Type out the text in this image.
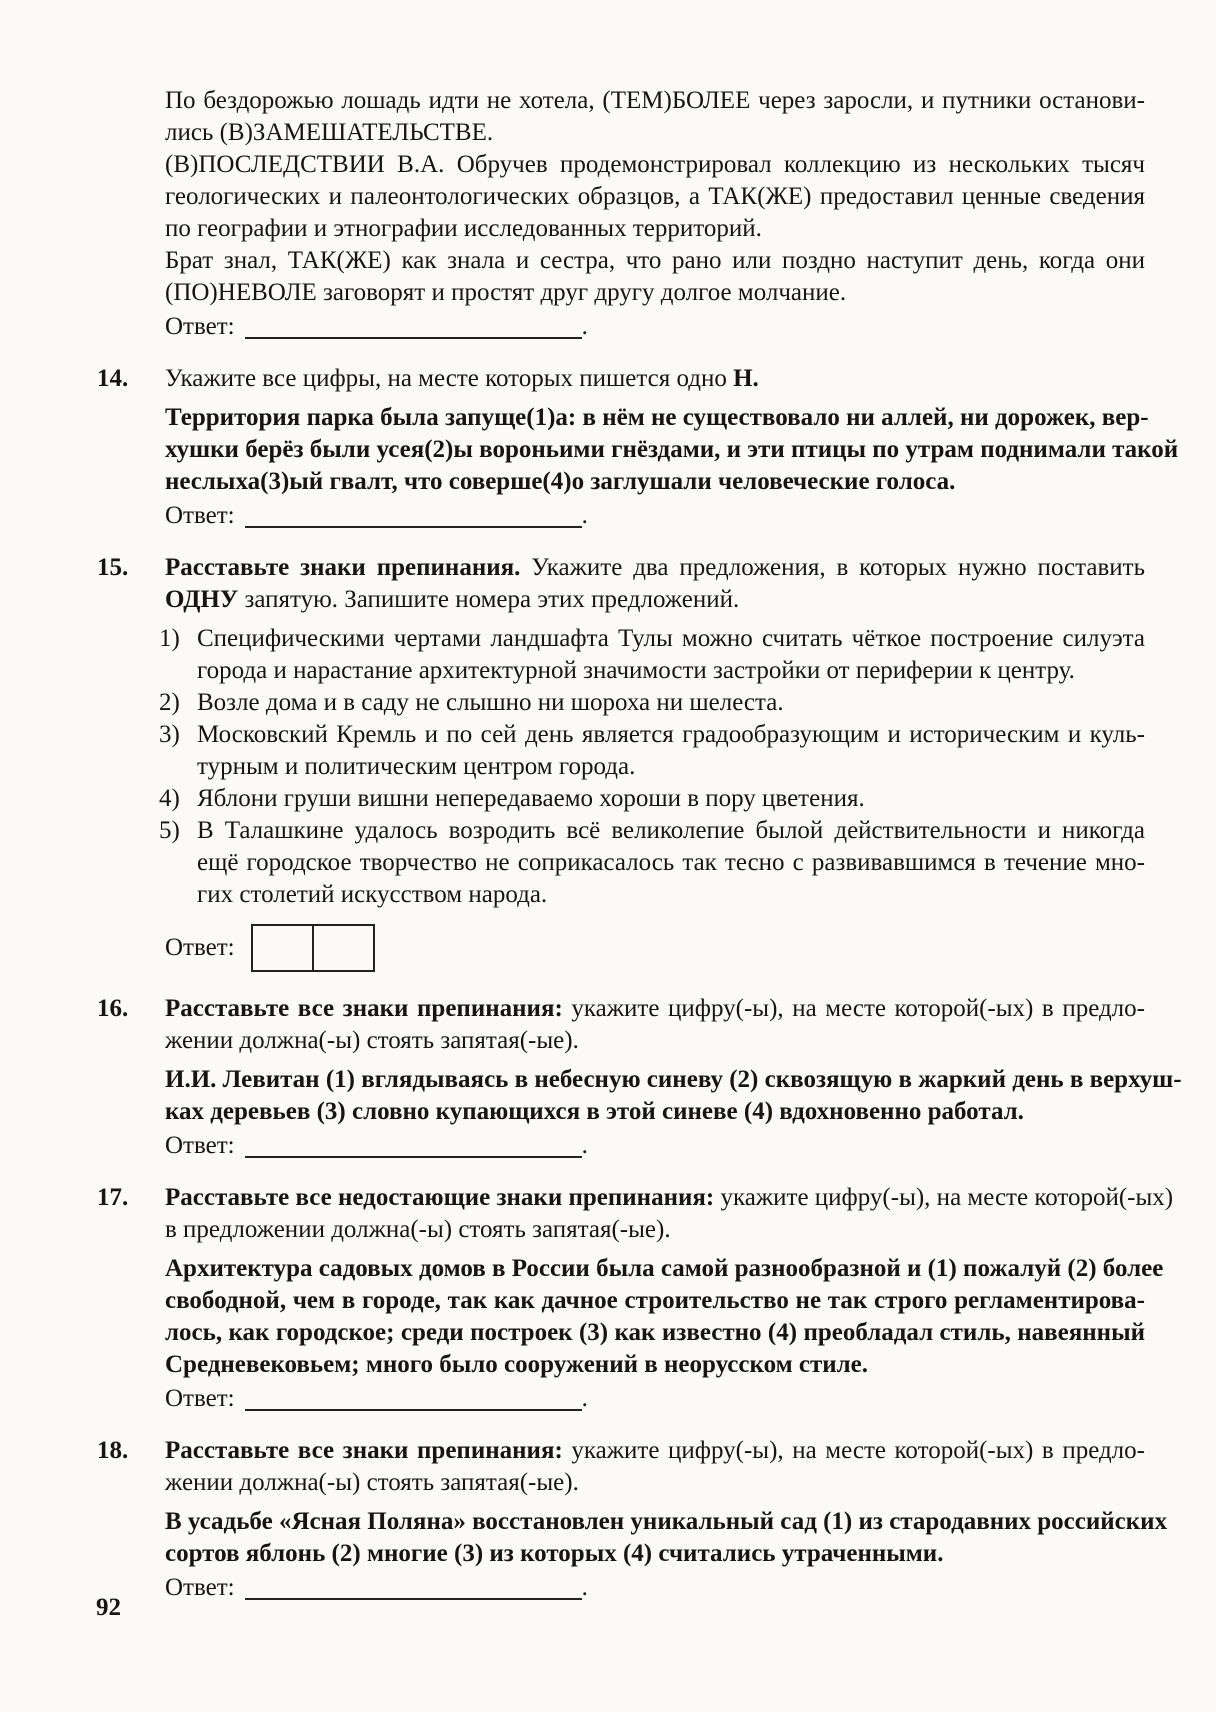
По бездорожью лошадь идти не хотела, (ТЕМ)БОЛЕЕ через заросли, и путники останови-
лись (В)ЗАМЕШАТЕЛЬСТВЕ.
(В)ПОСЛЕДСТВИИ В.А. Обручев продемонстрировал коллекцию из нескольких тысяч
геологических и палеонтологических образцов, а ТАК(ЖЕ) предоставил ценные сведения
по географии и этнографии исследованных территорий.
Брат знал, ТАК(ЖЕ) как знала и сестра, что рано или поздно наступит день, когда они
(ПО)НЕВОЛЕ заговорят и простят друг другу долгое молчание.
Ответ:	.
14. Укажите все цифры, на месте которых пишется одно Н.
Территория парка была запуще(1)а: в нём не существовало ни аллей, ни дорожек, вер-
хушки берёз были усея(2)ы вороньими гнёздами, и эти птицы по утрам поднимали такой
неслыха(3)ый гвалт, что соверше(4)о заглушали человеческие голоса.
Ответ:	.
15. Расставьте знаки препинания. Укажите два предложения, в которых нужно поставить
ОДНУ запятую. Запишите номера этих предложений.
1) Специфическими чертами ландшафта Тулы можно считать чёткое построение силуэта
города и нарастание архитектурной значимости застройки от периферии к центру.
2) Возле дома и в саду не слышно ни шороха ни шелеста.
3) Московский Кремль и по сей день является градообразующим и историческим и куль-
турным и политическим центром города.
4) Яблони груши вишни непередаваемо хороши в пору цветения.
5) В Талашкине удалось возродить всё великолепие былой действительности и никогда
ещё городское творчество не соприкасалось так тесно с развивавшимся в течение мно-
гих столетий искусством народа.
Ответ:
16. Расставьте все знаки препинания: укажите цифру(-ы), на месте которой(-ых) в предло-
жении должна(-ы) стоять запятая(-ые).
И.И. Левитан (1) вглядываясь в небесную синеву (2) сквозящую в жаркий день в верхуш-
ках деревьев (3) словно купающихся в этой синеве (4) вдохновенно работал.
Ответ:	.
17. Расставьте все недостающие знаки препинания: укажите цифру(-ы), на месте которой(-ых)
в предложении должна(-ы) стоять запятая(-ые).
Архитектура садовых домов в России была самой разнообразной и (1) пожалуй (2) более
свободной, чем в городе, так как дачное строительство не так строго регламентирова-
лось, как городское; среди построек (3) как известно (4) преобладал стиль, навеянный
Средневековьем; много было сооружений в неорусском стиле.
Ответ:	.
18. Расставьте все знаки препинания: укажите цифру(-ы), на месте которой(-ых) в предло-
жении должна(-ы) стоять запятая(-ые).
В усадьбе «Ясная Поляна» восстановлен уникальный сад (1) из стародавних российских
сортов яблонь (2) многие (3) из которых (4) считались утраченными.
Ответ:	.
92
